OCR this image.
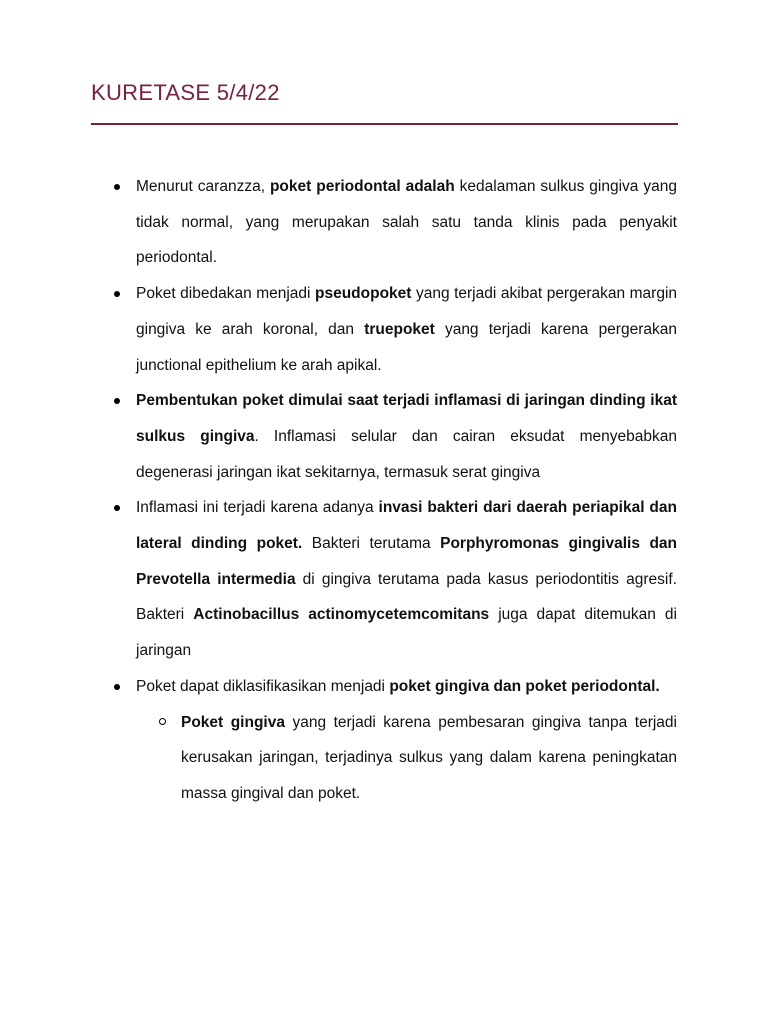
KURETASE 5/4/22
Menurut caranzza, poket periodontal adalah kedalaman sulkus gingiva yang tidak normal, yang merupakan salah satu tanda klinis pada penyakit periodontal.
Poket dibedakan menjadi pseudopoket yang terjadi akibat pergerakan margin gingiva ke arah koronal, dan truepoket yang terjadi karena pergerakan junctional epithelium ke arah apikal.
Pembentukan poket dimulai saat terjadi inflamasi di jaringan dinding ikat sulkus gingiva. Inflamasi selular dan cairan eksudat menyebabkan degenerasi jaringan ikat sekitarnya, termasuk serat gingiva
Inflamasi ini terjadi karena adanya invasi bakteri dari daerah periapikal dan lateral dinding poket. Bakteri terutama Porphyromonas gingivalis dan Prevotella intermedia di gingiva terutama pada kasus periodontitis agresif. Bakteri Actinobacillus actinomycetemcomitans juga dapat ditemukan di jaringan
Poket dapat diklasifikasikan menjadi poket gingiva dan poket periodontal.
Poket gingiva yang terjadi karena pembesaran gingiva tanpa terjadi kerusakan jaringan, terjadinya sulkus yang dalam karena peningkatan massa gingival dan poket.
